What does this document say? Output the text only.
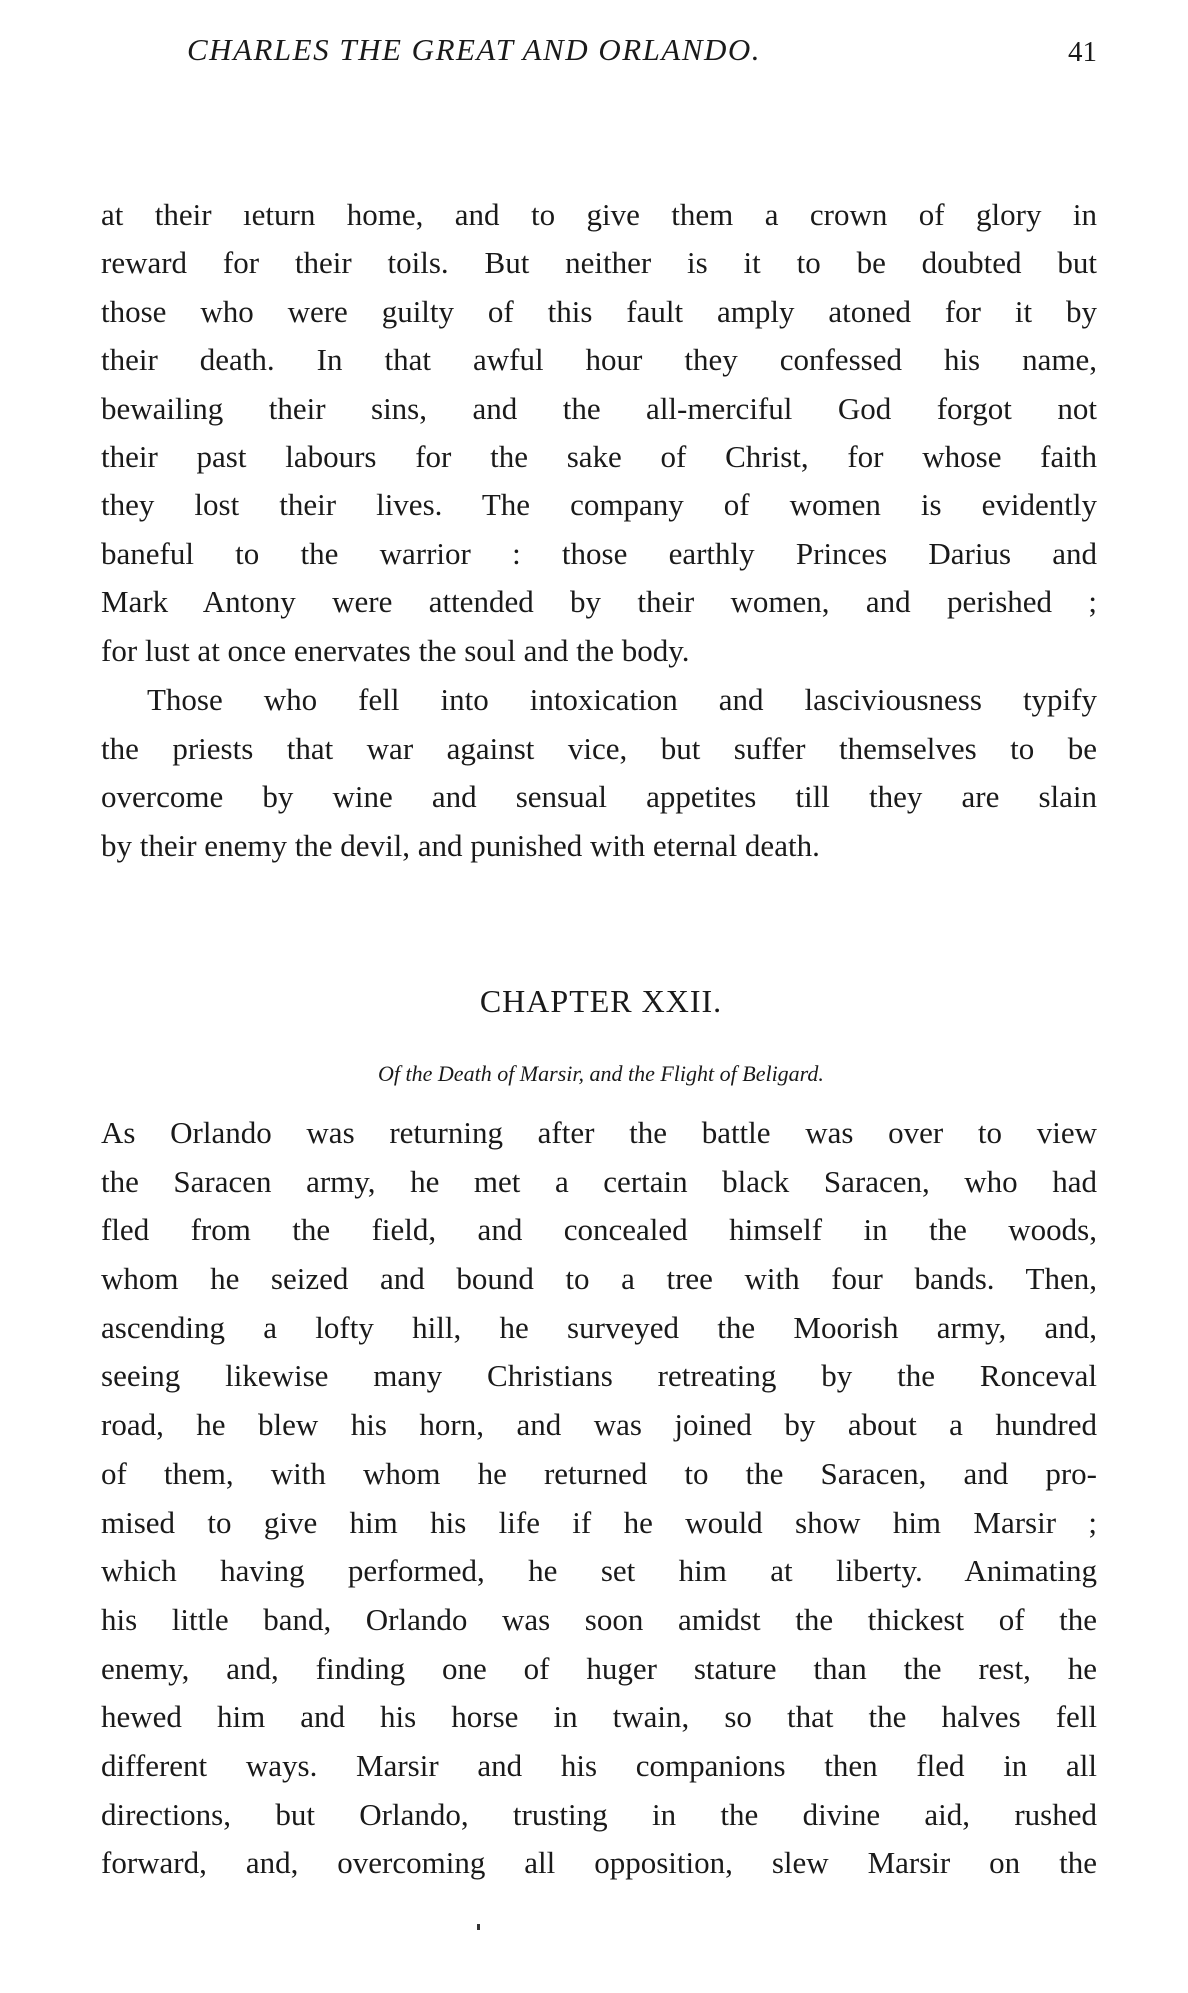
CHARLES THE GREAT AND ORLANDO.	41
at their ıeturn home, and to give them a crown of glory in
reward for their toils. But neither is it to be doubted but
those who were guilty of this fault amply atoned for it by
their death. In that awful hour they confessed his name,
bewailing their sins, and the all-merciful God forgot not
their past labours for the sake of Christ, for whose faith
they lost their lives. The company of women is evidently
baneful to the warrior : those earthly Princes Darius and
Mark Antony were attended by their women, and perished ;
for lust at once enervates the soul and the body.
Those who fell into intoxication and lasciviousness typify
the priests that war against vice, but suffer themselves to be
overcome by wine and sensual appetites till they are slain
by their enemy the devil, and punished with eternal death.
CHAPTER XXII.
Of the Death of Marsir, and the Flight of Beligard.
As Orlando was returning after the battle was over to view
the Saracen army, he met a certain black Saracen, who had
fled from the field, and concealed himself in the woods,
whom he seized and bound to a tree with four bands. Then,
ascending a lofty hill, he surveyed the Moorish army, and,
seeing likewise many Christians retreating by the Ronceval
road, he blew his horn, and was joined by about a hundred
of them, with whom he returned to the Saracen, and pro-
mised to give him his life if he would show him Marsir ;
which having performed, he set him at liberty. Animating
his little band, Orlando was soon amidst the thickest of the
enemy, and, finding one of huger stature than the rest, he
hewed him and his horse in twain, so that the halves fell
different ways. Marsir and his companions then fled in all
directions, but Orlando, trusting in the divine aid, rushed
forward, and, overcoming all opposition, slew Marsir on the
